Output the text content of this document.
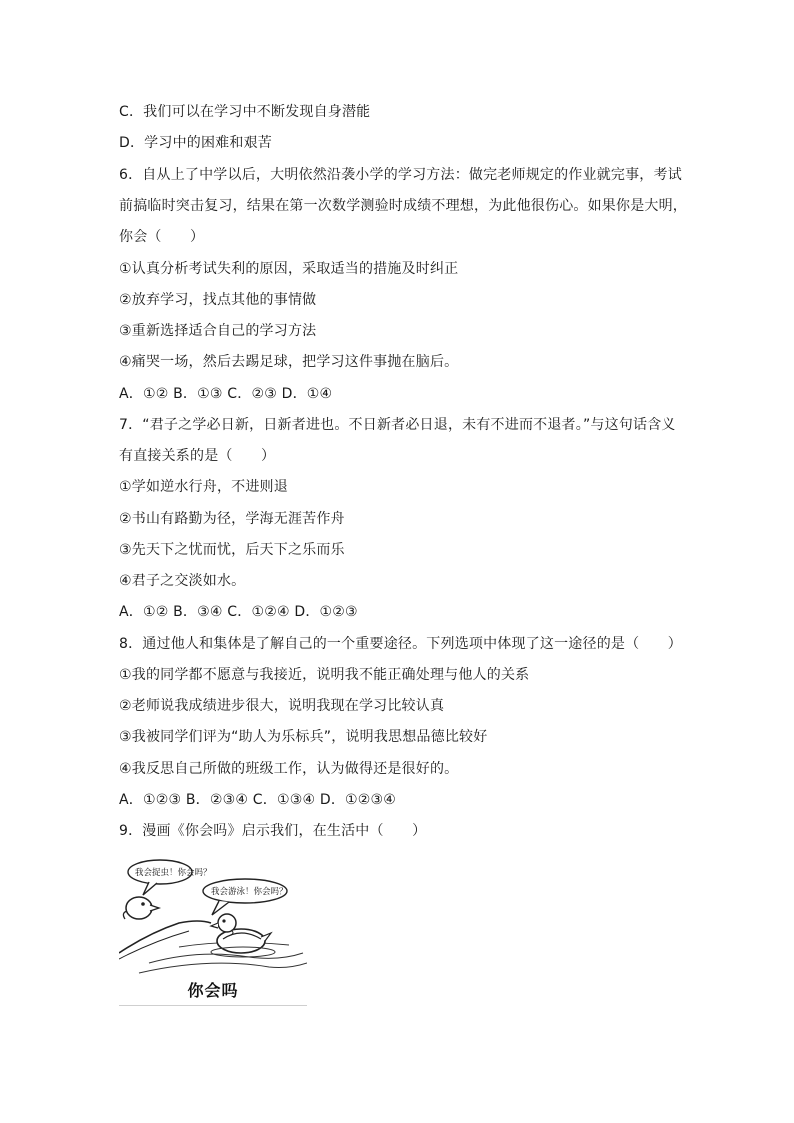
C．我们可以在学习中不断发现自身潜能
D．学习中的困难和艰苦
6．自从上了中学以后，大明依然沿袭小学的学习方法：做完老师规定的作业就完事，考试
前搞临时突击复习，结果在第一次数学测验时成绩不理想，为此他很伤心。如果你是大明，
你会（　　）
①认真分析考试失利的原因，采取适当的措施及时纠正
②放弃学习，找点其他的事情做
③重新选择适合自己的学习方法
④痛哭一场，然后去踢足球，把学习这件事抛在脑后。
A．①② B．①③ C．②③ D．①④
7．“君子之学必日新，日新者进也。不日新者必日退，未有不进而不退者。”与这句话含义
有直接关系的是（　　）
①学如逆水行舟，不进则退
②书山有路勤为径，学海无涯苦作舟
③先天下之忧而忧，后天下之乐而乐
④君子之交淡如水。
A．①② B．③④ C．①②④ D．①②③
8．通过他人和集体是了解自己的一个重要途径。下列选项中体现了这一途径的是（　　）
①我的同学都不愿意与我接近，说明我不能正确处理与他人的关系
②老师说我成绩进步很大，说明我现在学习比较认真
③我被同学们评为“助人为乐标兵”，说明我思想品德比较好
④我反思自己所做的班级工作，认为做得还是很好的。
A．①②③ B．②③④ C．①③④ D．①②③④
9．漫画《你会吗》启示我们，在生活中（　　）
我会捉虫！你会吗？
我会游泳！你会吗？
你会吗
